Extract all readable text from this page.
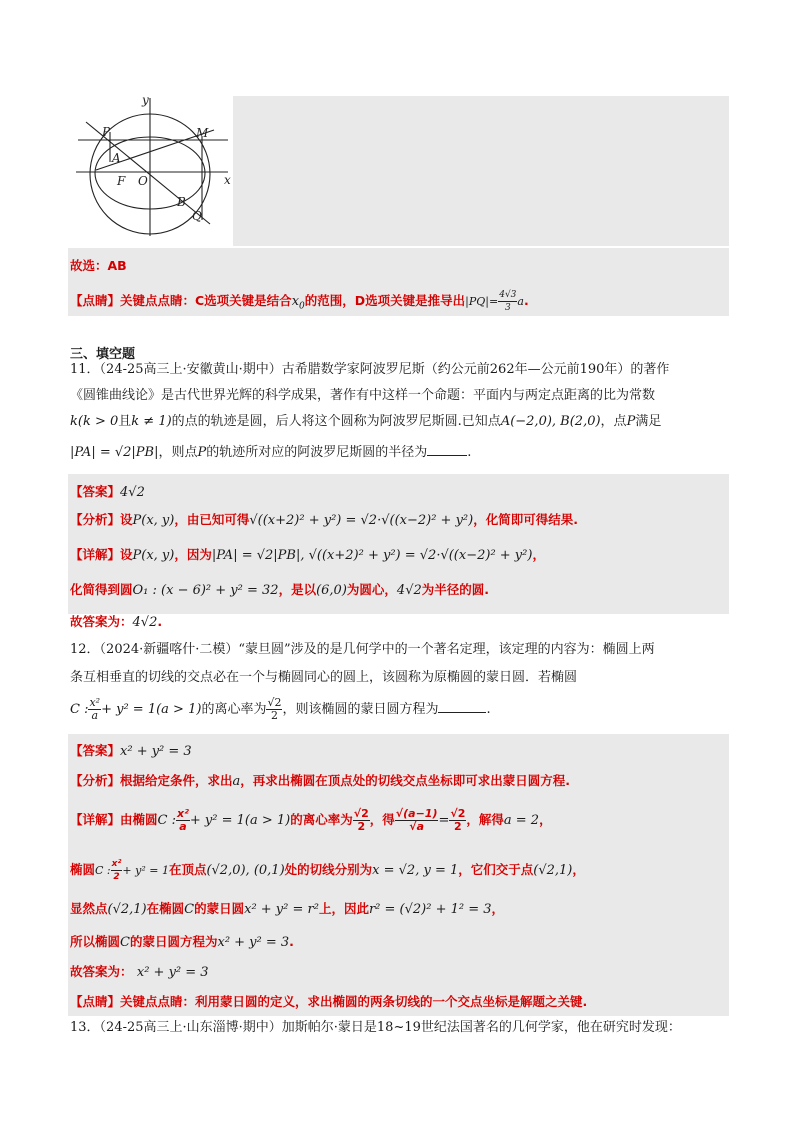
y
x
P	M
A
F O
B
Q
故选：AB
【点睛】关键点点睛：C选项关键是结合$x_0$的范围，D选项关键是推导出$|PQ|= \frac{4√3}{3} a$.
三、填空题
11．（24-25高三上·安徽黄山·期中）古希腊数学家阿波罗尼斯（约公元前262年—公元前190年）的著作
《圆锥曲线论》是古代世界光辉的科学成果，著作有中这样一个命题：平面内与两定点距离的比为常数
k(k > 0且k ≠ 1)的点的轨迹是圆，后人将这个圆称为阿波罗尼斯圆.已知点A(−2,0), B(2,0)，点P满足
|PA| = √2|PB|，则点P的轨迹所对应的阿波罗尼斯圆的半径为	.
【答案】4√2
【分析】设P(x, y)，由已知可得√((x+2)² + y²) = √2·√((x−2)² + y²)，化简即可得结果.
【详解】设P(x, y)，因为|PA| = √2|PB|, √((x+2)² + y²) = √2·√((x−2)² + y²)，
化简得到圆O₁ : (x − 6)² + y² = 32，是以(6,0)为圆心，4√2为半径的圆.
故答案为：4√2.
12．（2024·新疆喀什·二模）“蒙旦圆”涉及的是几何学中的一个著名定理，该定理的内容为：椭圆上两
条互相垂直的切线的交点必在一个与椭圆同心的圆上，该圆称为原椭圆的蒙日圆．若椭圆
C : $\frac{\text{x²}}{a} + y^2 = 1(a > 1)$的离心率为 $\frac{√2}{2}$ ，则该椭圆的蒙日圆方程为	.
【答案】x² + y² = 3
【分析】根据给定条件，求出a，再求出椭圆在顶点处的切线交点坐标即可求出蒙日圆方程.
【详解】由椭圆C : $\frac{\text{x²}}{a} + y^2 = 1(a > 1)$的离心率为 $\frac{√2}{2}$ ，得 $\frac{√(a-1)}{√a} = \frac{√2}{2}$ ，解得a = 2，
椭圆C : $\frac{\text{x²}}{2} + y^2 = 1$在顶点(√2,0), (0,1)处的切线分别为x = √2, y = 1，它们交于点(√2,1)，
显然点(√2,1)在椭圆C的蒙日圆x² + y² = r²上，因此r² = (√2)² + 1² = 3，
所以椭圆C的蒙日圆方程为x² + y² = 3.
故答案为： x² + y² = 3
【点睛】关键点点睛：利用蒙日圆的定义，求出椭圆的两条切线的一个交点坐标是解题之关键.
13．（24-25高三上·山东淄博·期中）加斯帕尔·蒙日是18~19世纪法国著名的几何学家，他在研究时发现：
